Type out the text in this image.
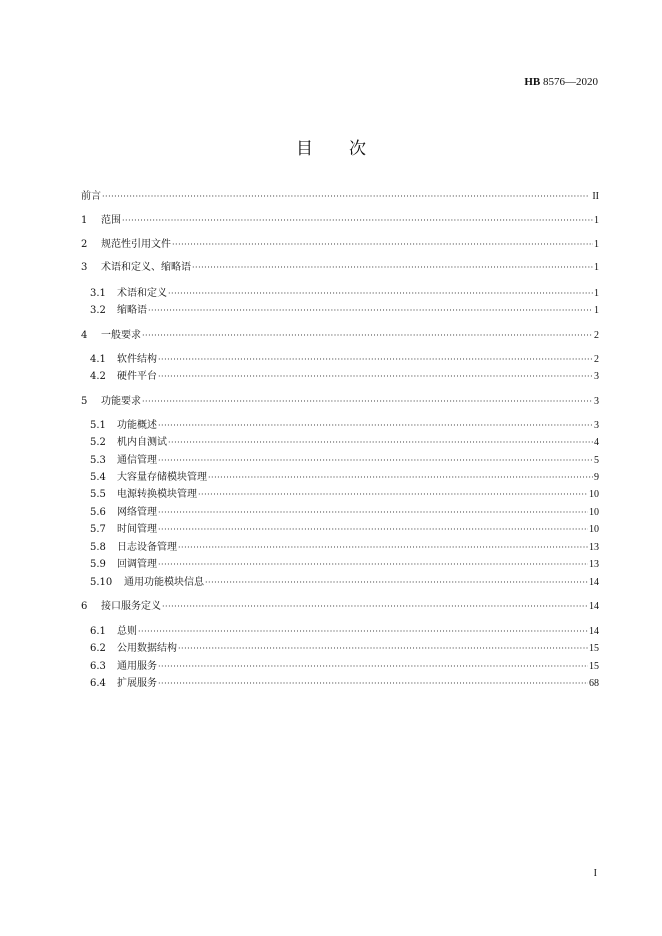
HB 8576—2020
目次
前言 ·····	II
1	范围 ·····	1
2	规范性引用文件 ·····	1
3	术语和定义、缩略语 ·····	1
3.1	术语和定义 ·····	1
3.2	缩略语 ·····	1
4	一般要求 ·····	2
4.1	软件结构 ·····	2
4.2	硬件平台 ·····	3
5	功能要求 ·····	3
5.1	功能概述 ·····	3
5.2	机内自测试 ·····	4
5.3	通信管理 ·····	5
5.4	大容量存储模块管理 ·····	9
5.5	电源转换模块管理 ·····	10
5.6	网络管理 ·····	10
5.7	时间管理 ·····	10
5.8	日志设备管理 ·····	13
5.9	回调管理 ·····	13
5.10	通用功能模块信息 ·····	14
6	接口服务定义 ·····	14
6.1	总则 ·····	14
6.2	公用数据结构 ·····	15
6.3	通用服务 ·····	15
6.4	扩展服务 ·····	68
I
